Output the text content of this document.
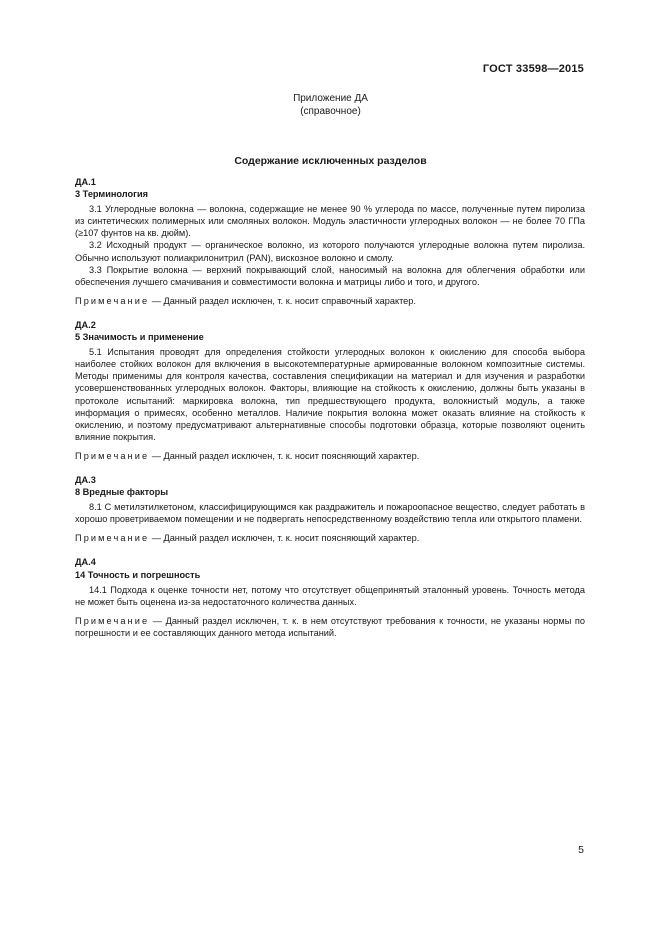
ГОСТ 33598—2015
Приложение ДА
(справочное)
Содержание исключенных разделов
ДА.1
3 Терминология
3.1 Углеродные волокна — волокна, содержащие не менее 90 % углерода по массе, полученные путем пиролиза из синтетических полимерных или смоляных волокон. Модуль эластичности углеродных волокон — не более 70 ГПа (≥107 фунтов на кв. дюйм).
3.2 Исходный продукт — органическое волокно, из которого получаются углеродные волокна путем пиролиза. Обычно используют полиакрилонитрил (PAN), вискозное волокно и смолу.
3.3 Покрытие волокна — верхний покрывающий слой, наносимый на волокна для облегчения обработки или обеспечения лучшего смачивания и совместимости волокна и матрицы либо и того, и другого.
Примечание — Данный раздел исключен, т. к. носит справочный характер.
ДА.2
5 Значимость и применение
5.1 Испытания проводят для определения стойкости углеродных волокон к окислению для способа выбора наиболее стойких волокон для включения в высокотемпературные армированные волокном композитные системы. Методы применимы для контроля качества, составления спецификации на материал и для изучения и разработки усовершенствованных углеродных волокон. Факторы, влияющие на стойкость к окислению, должны быть указаны в протоколе испытаний: маркировка волокна, тип предшествующего продукта, волокнистый модуль, а также информация о примесях, особенно металлов. Наличие покрытия волокна может оказать влияние на стойкость к окислению, и поэтому предусматривают альтернативные способы подготовки образца, которые позволяют оценить влияние покрытия.
Примечание — Данный раздел исключен, т. к. носит поясняющий характер.
ДА.3
8 Вредные факторы
8.1 С метилэтилкетоном, классифицирующимся как раздражитель и пожароопасное вещество, следует работать в хорошо проветриваемом помещении и не подвергать непосредственному воздействию тепла или открытого пламени.
Примечание — Данный раздел исключен, т. к. носит поясняющий характер.
ДА.4
14 Точность и погрешность
14.1 Подхода к оценке точности нет, потому что отсутствует общепринятый эталонный уровень. Точность метода не может быть оценена из-за недостаточного количества данных.
Примечание — Данный раздел исключен, т. к. в нем отсутствуют требования к точности, не указаны нормы по погрешности и ее составляющих данного метода испытаний.
5
